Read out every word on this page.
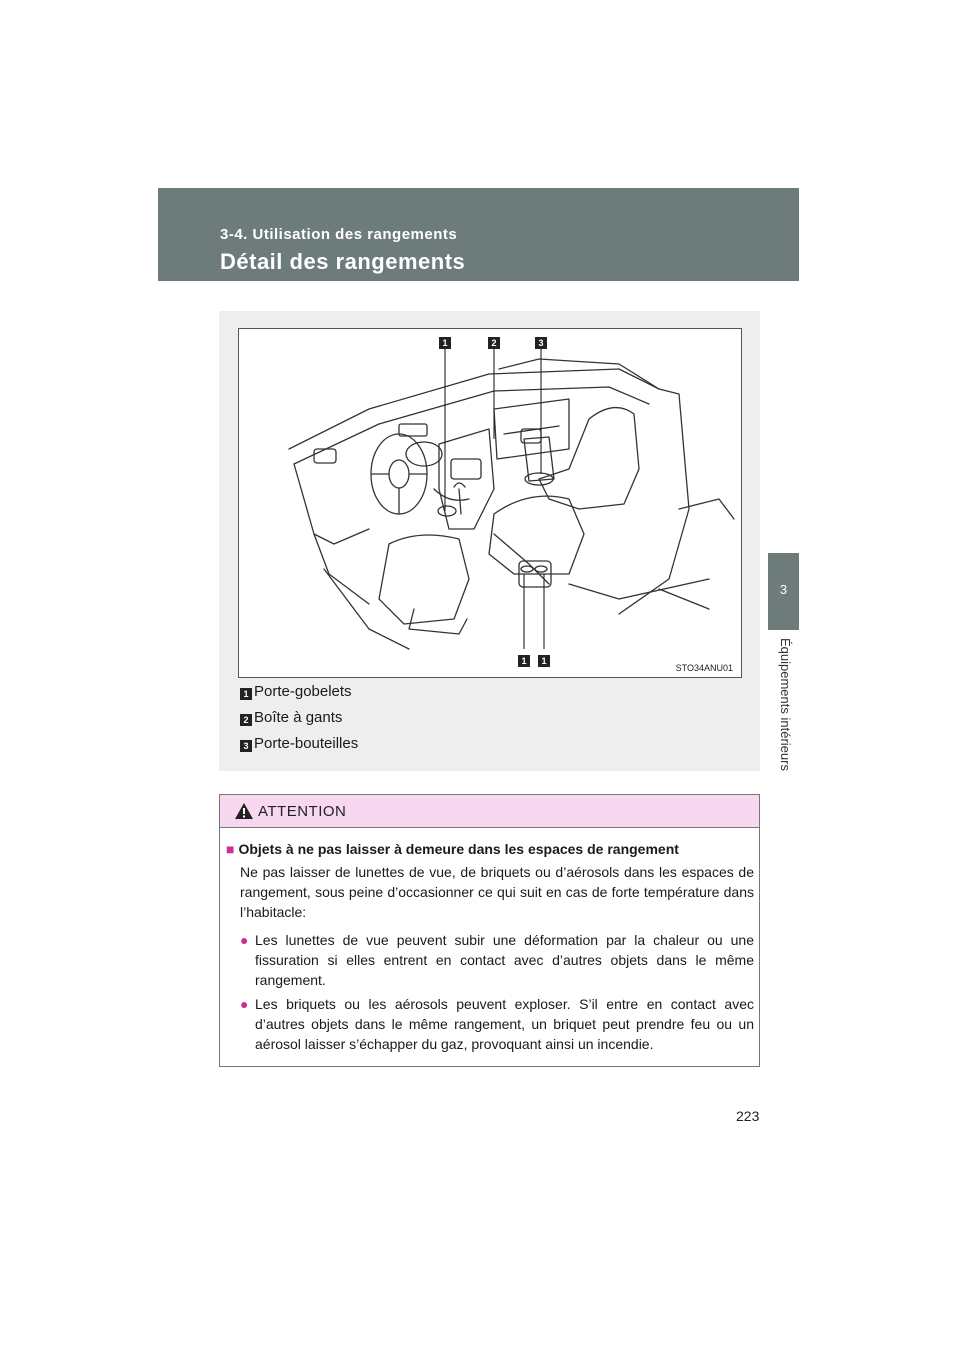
3-4. Utilisation des rangements
Détail des rangements
3
Équipements intérieurs
1	2	3
1	1
STO34ANU01
1 Porte-gobelets
2 Boîte à gants
3 Porte-bouteilles
ATTENTION
■ Objets à ne pas laisser à demeure dans les espaces de rangement
Ne pas laisser de lunettes de vue, de briquets ou d’aérosols dans les espaces de rangement, sous peine d’occasionner ce qui suit en cas de forte température dans l’habitacle:
● Les lunettes de vue peuvent subir une déformation par la chaleur ou une fissuration si elles entrent en contact avec d’autres objets dans le même rangement.
● Les briquets ou les aérosols peuvent exploser. S’il entre en contact avec d’autres objets dans le même rangement, un briquet peut prendre feu ou un aérosol laisser s’échapper du gaz, provoquant ainsi un incendie.
223
